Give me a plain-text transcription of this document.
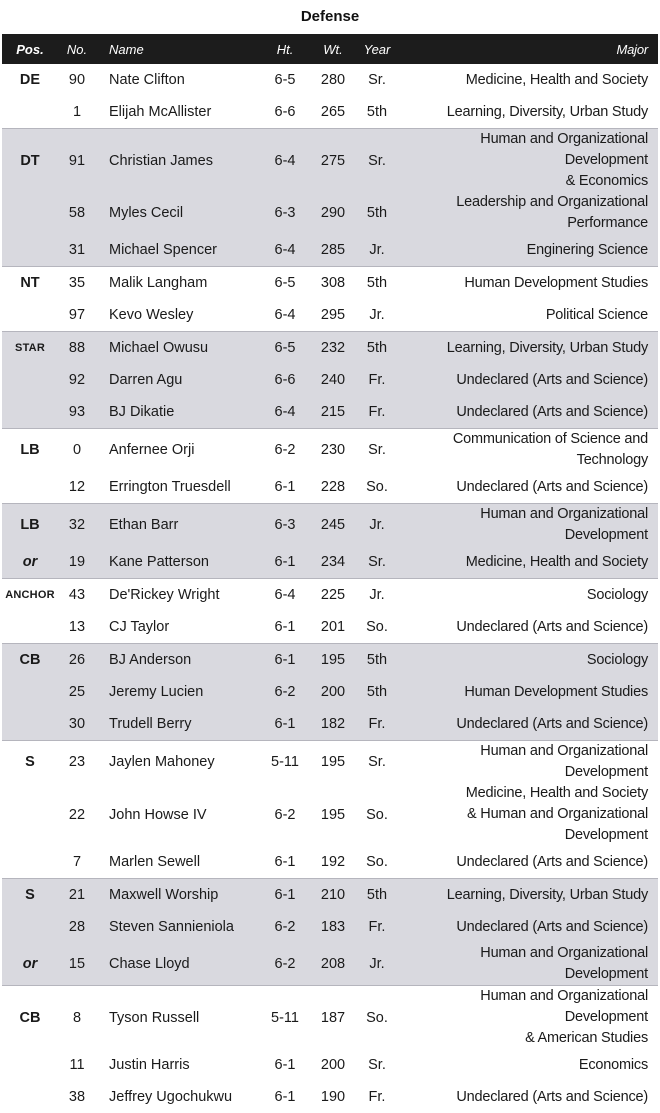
Defense
Pos.	No.	Name	Ht.	Wt.	Year	Major
DE	90	Nate Clifton	6-5	280	Sr.	Medicine, Health and Society

	1	Elijah McAllister	6-6	265	5th	Learning, Diversity, Urban Study

DT	91	Christian James	6-4	275	Sr.	Human and Organizational Development
& Economics

	58	Myles Cecil	6-3	290	5th	Leadership and Organizational Performance

	31	Michael Spencer	6-4	285	Jr.	Enginering Science

NT	35	Malik Langham	6-5	308	5th	Human Development Studies

	97	Kevo Wesley	6-4	295	Jr.	Political Science

STAR	88	Michael Owusu	6-5	232	5th	Learning, Diversity, Urban Study

	92	Darren Agu	6-6	240	Fr.	Undeclared (Arts and Science)

	93	BJ Dikatie	6-4	215	Fr.	Undeclared (Arts and Science)

LB	0	Anfernee Orji	6-2	230	Sr.	Communication of Science and Technology

	12	Errington Truesdell	6-1	228	So.	Undeclared (Arts and Science)

LB	32	Ethan Barr	6-3	245	Jr.	Human and Organizational Development

or	19	Kane Patterson	6-1	234	Sr.	Medicine, Health and Society

ANCHOR	43	De'Rickey Wright	6-4	225	Jr.	Sociology

	13	CJ Taylor	6-1	201	So.	Undeclared (Arts and Science)

CB	26	BJ Anderson	6-1	195	5th	Sociology

	25	Jeremy Lucien	6-2	200	5th	Human Development Studies

	30	Trudell Berry	6-1	182	Fr.	Undeclared (Arts and Science)

S	23	Jaylen Mahoney	5-11	195	Sr.	Human and Organizational Development

	22	John Howse IV	6-2	195	So.	Medicine, Health and Society
& Human and Organizational Development

	7	Marlen Sewell	6-1	192	So.	Undeclared (Arts and Science)

S	21	Maxwell Worship	6-1	210	5th	Learning, Diversity, Urban Study

	28	Steven Sannieniola	6-2	183	Fr.	Undeclared (Arts and Science)

or	15	Chase Lloyd	6-2	208	Jr.	Human and Organizational Development

CB	8	Tyson Russell	5-11	187	So.	Human and Organizational Development
& American Studies

	11	Justin Harris	6-1	200	Sr.	Economics

	38	Jeffrey Ugochukwu	6-1	190	Fr.	Undeclared (Arts and Science)
